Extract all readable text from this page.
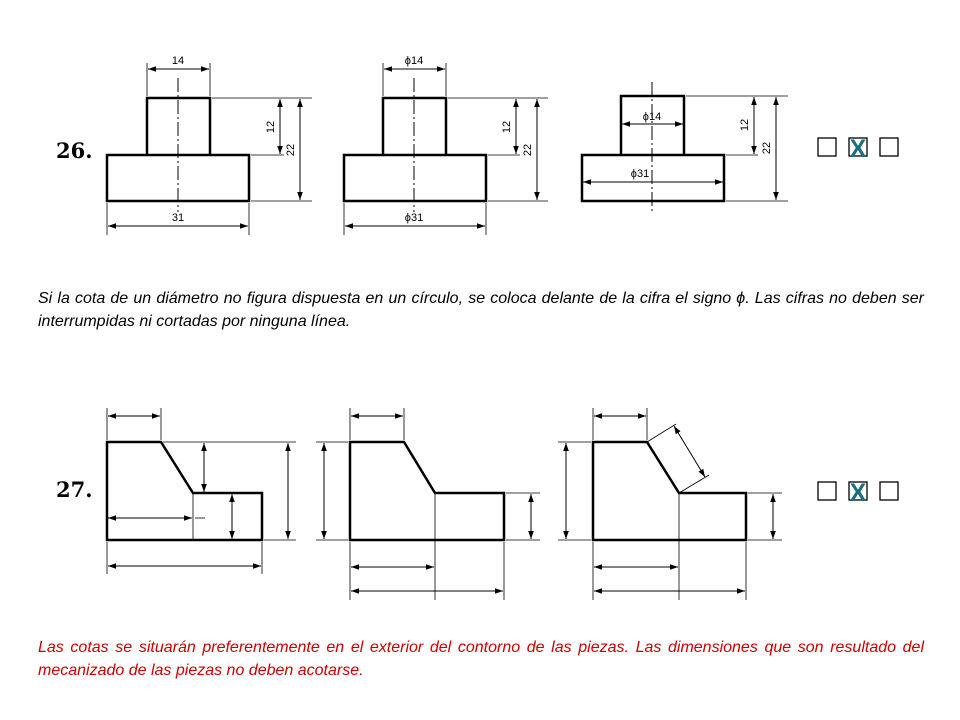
14
31
12
22
ϕ14
ϕ31
12
22
ϕ14
ϕ31
12
22	X
X
26.
Si la cota de un diámetro no figura dispuesta en un círculo, se coloca delante de la cifra el signo ϕ. Las cifras no deben ser interrumpidas ni cortadas por ninguna línea.
27.
Las cotas se situarán preferentemente en el exterior del contorno de las piezas. Las dimensiones que son resultado del mecanizado de las piezas no deben acotarse.
